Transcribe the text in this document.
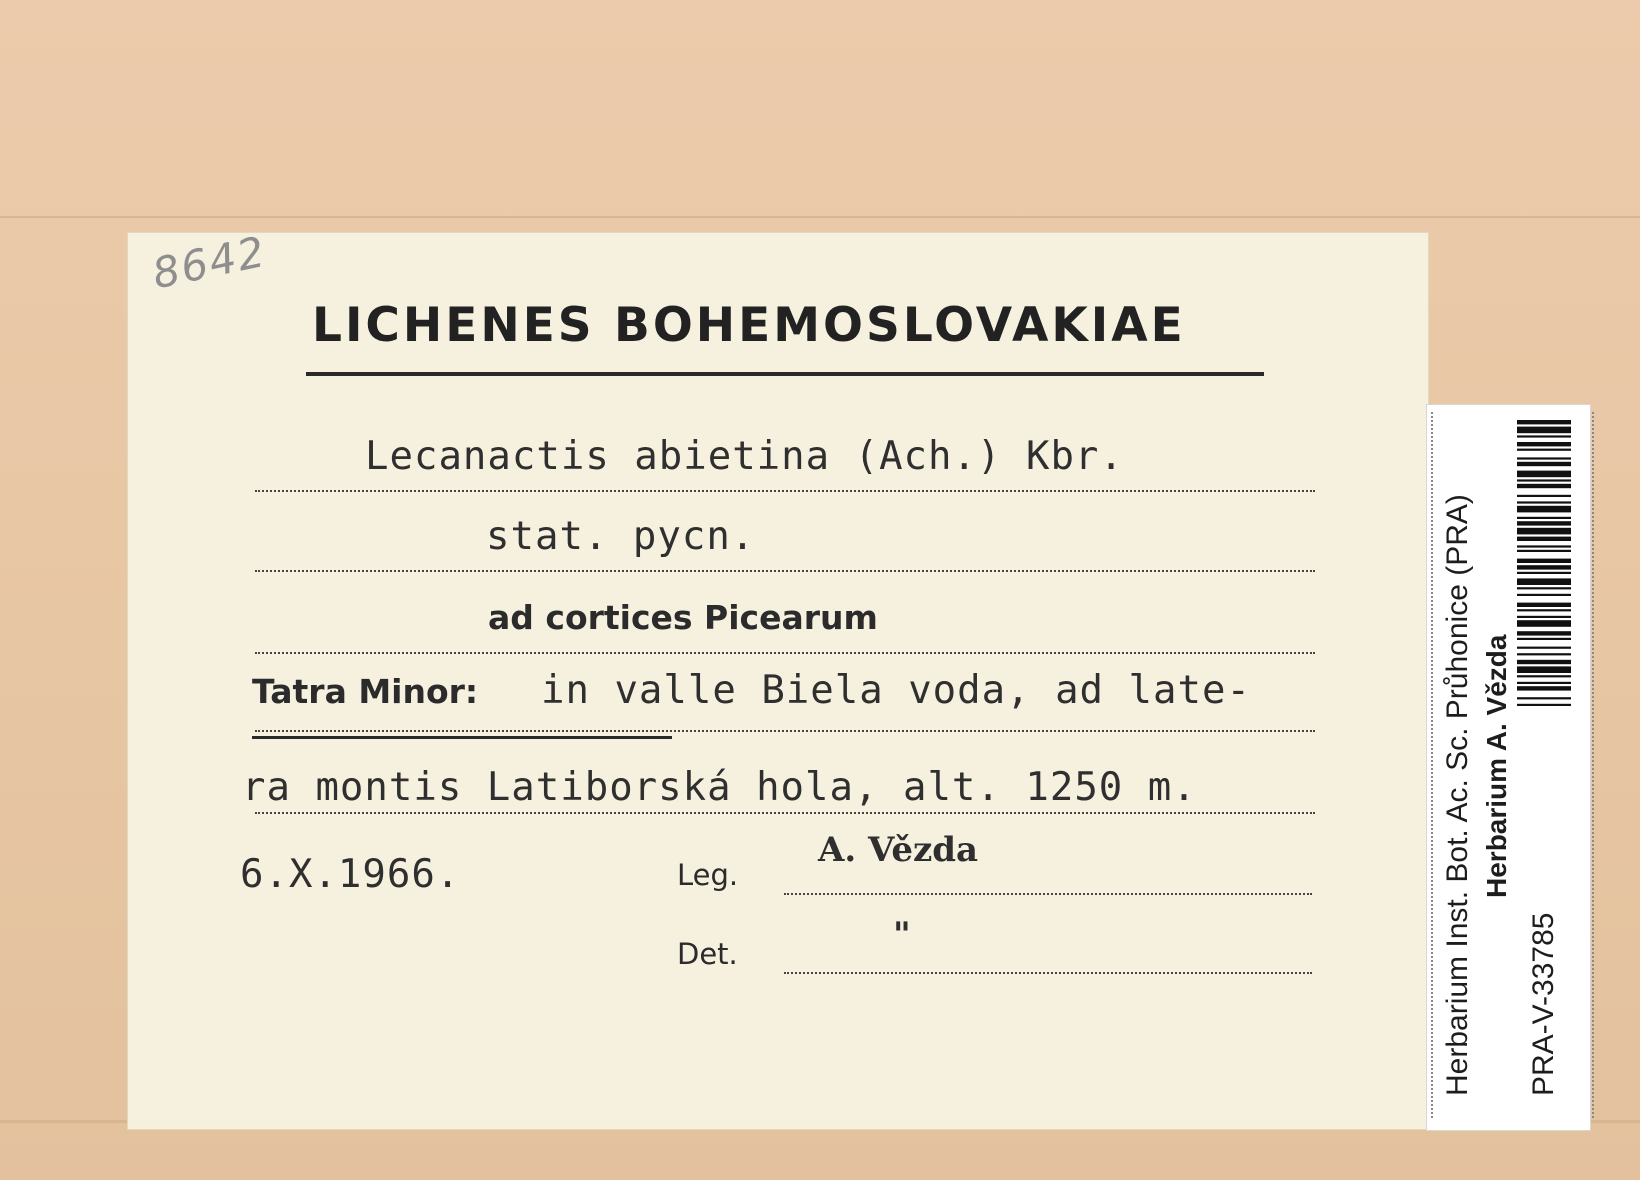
8642
LICHENES BOHEMOSLOVAKIAE
Lecanactis abietina (Ach.) Kbr.
stat. pycn.
ad cortices Picearum
Tatra Minor: in valle Biela voda, ad late-
ra montis Latiborská hola, alt. 1250 m.
6.X.1966.	Leg.
A. Vězda
Det.	"	Herbarium Inst. Bot. Ac. Sc. Průhonice (PRA) Herbarium A. Vězda
PRA-V-33785
